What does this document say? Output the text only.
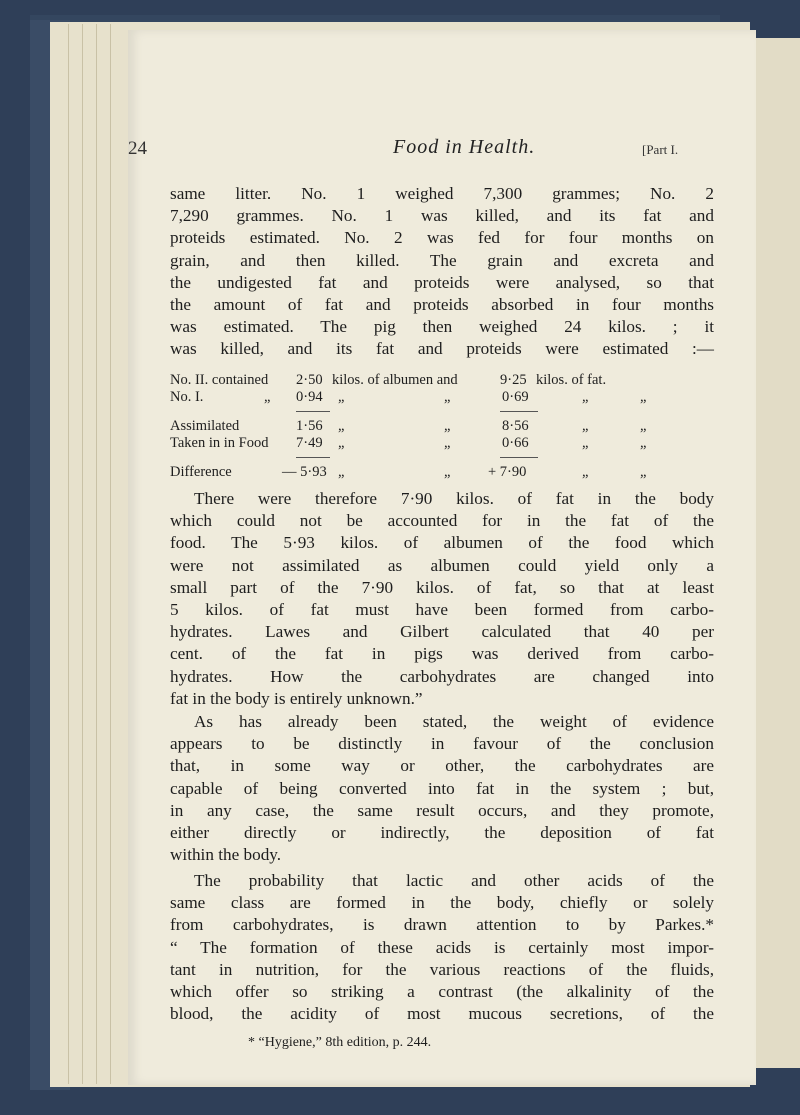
24	Food in Health.	[Part I.
same litter. No. 1 weighed 7,300 grammes; No. 2
7,290 grammes. No. 1 was killed, and its fat and
proteids estimated. No. 2 was fed for four months on
grain, and then killed. The grain and excreta and
the undigested fat and proteids were analysed, so that
the amount of fat and proteids absorbed in four months
was estimated. The pig then weighed 24 kilos. ; it
was killed, and its fat and proteids were estimated :—
No. II. contained 2·50 kilos. of albumen and	9·25 kilos. of fat.
No. I.	„ 0·94 „	„	0·69	„	„
Assimilated	1·56 „	„	8·56	„	„
Taken in in Food 7·49 „	„	0·66	„	„
Difference	— 5·93 „	„	+ 7·90	„	„
There were therefore 7·90 kilos. of fat in the body
which could not be accounted for in the fat of the
food. The 5·93 kilos. of albumen of the food which
were not assimilated as albumen could yield only a
small part of the 7·90 kilos. of fat, so that at least
5 kilos. of fat must have been formed from carbo-
hydrates. Lawes and Gilbert calculated that 40 per
cent. of the fat in pigs was derived from carbo-
hydrates. How the carbohydrates are changed into
fat in the body is entirely unknown.”
As has already been stated, the weight of evidence
appears to be distinctly in favour of the conclusion
that, in some way or other, the carbohydrates are
capable of being converted into fat in the system ; but,
in any case, the same result occurs, and they promote,
either directly or indirectly, the deposition of fat
within the body.
The probability that lactic and other acids of the
same class are formed in the body, chiefly or solely
from carbohydrates, is drawn attention to by Parkes.*
“ The formation of these acids is certainly most impor-
tant in nutrition, for the various reactions of the fluids,
which offer so striking a contrast (the alkalinity of the
blood, the acidity of most mucous secretions, of the
* “Hygiene,” 8th edition, p. 244.
